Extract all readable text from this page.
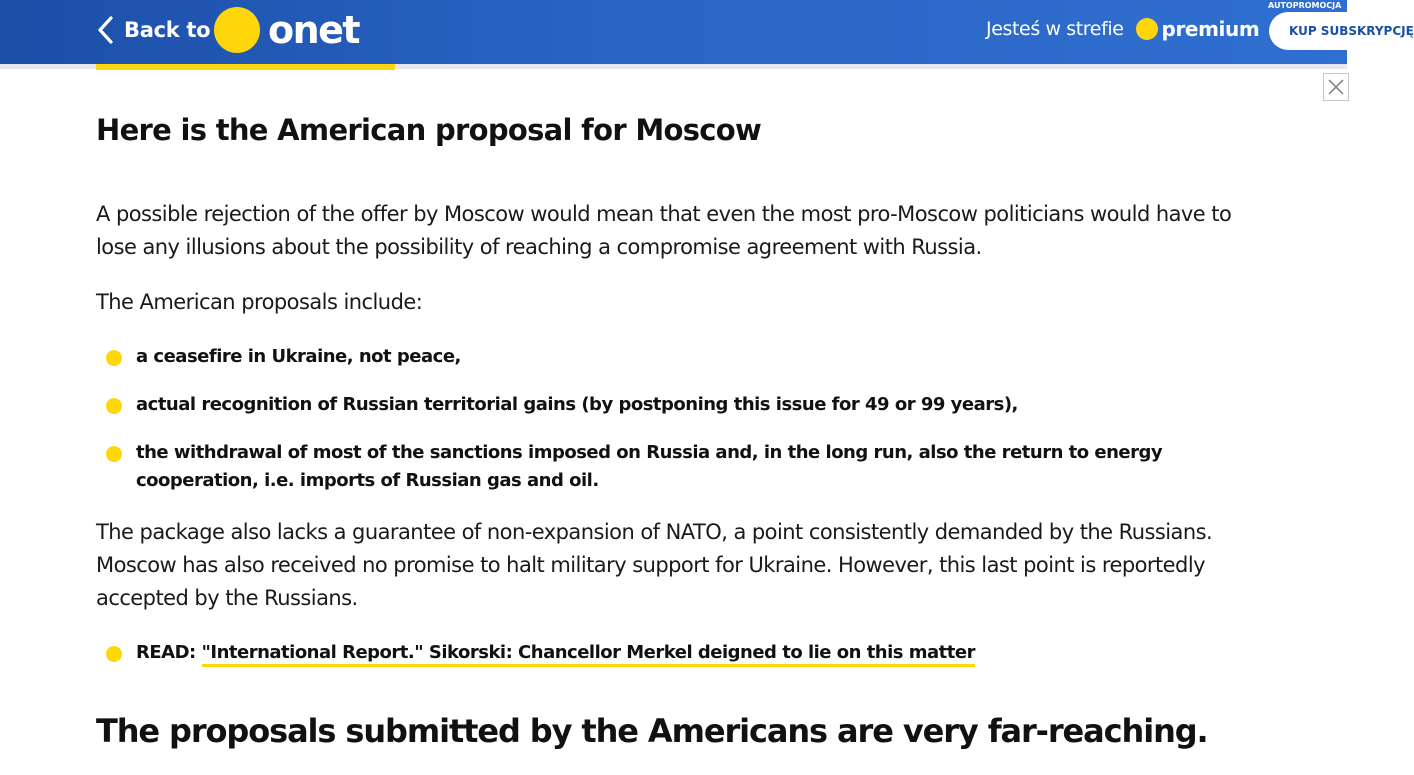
Back to onet	Jesteś w strefie premium
AUTOPROMOCJA
KUP SUBSKRYPCJĘ
Here is the American proposal for Moscow

A possible rejection of the offer by Moscow would mean that even the most pro-Moscow politicians would have to lose any illusions about the possibility of reaching a compromise agreement with Russia.

The American proposals include:

a ceasefire in Ukraine, not peace,
actual recognition of Russian territorial gains (by postponing this issue for 49 or 99 years),
the withdrawal of most of the sanctions imposed on Russia and, in the long run, also the return to energy cooperation, i.e. imports of Russian gas and oil.

The package also lacks a guarantee of non-expansion of NATO, a point consistently demanded by the Russians. Moscow has also received no promise to halt military support for Ukraine. However, this last point is reportedly accepted by the Russians.

READ: "International Report." Sikorski: Chancellor Merkel deigned to lie on this matter
The proposals submitted by the Americans are very far-reaching.
